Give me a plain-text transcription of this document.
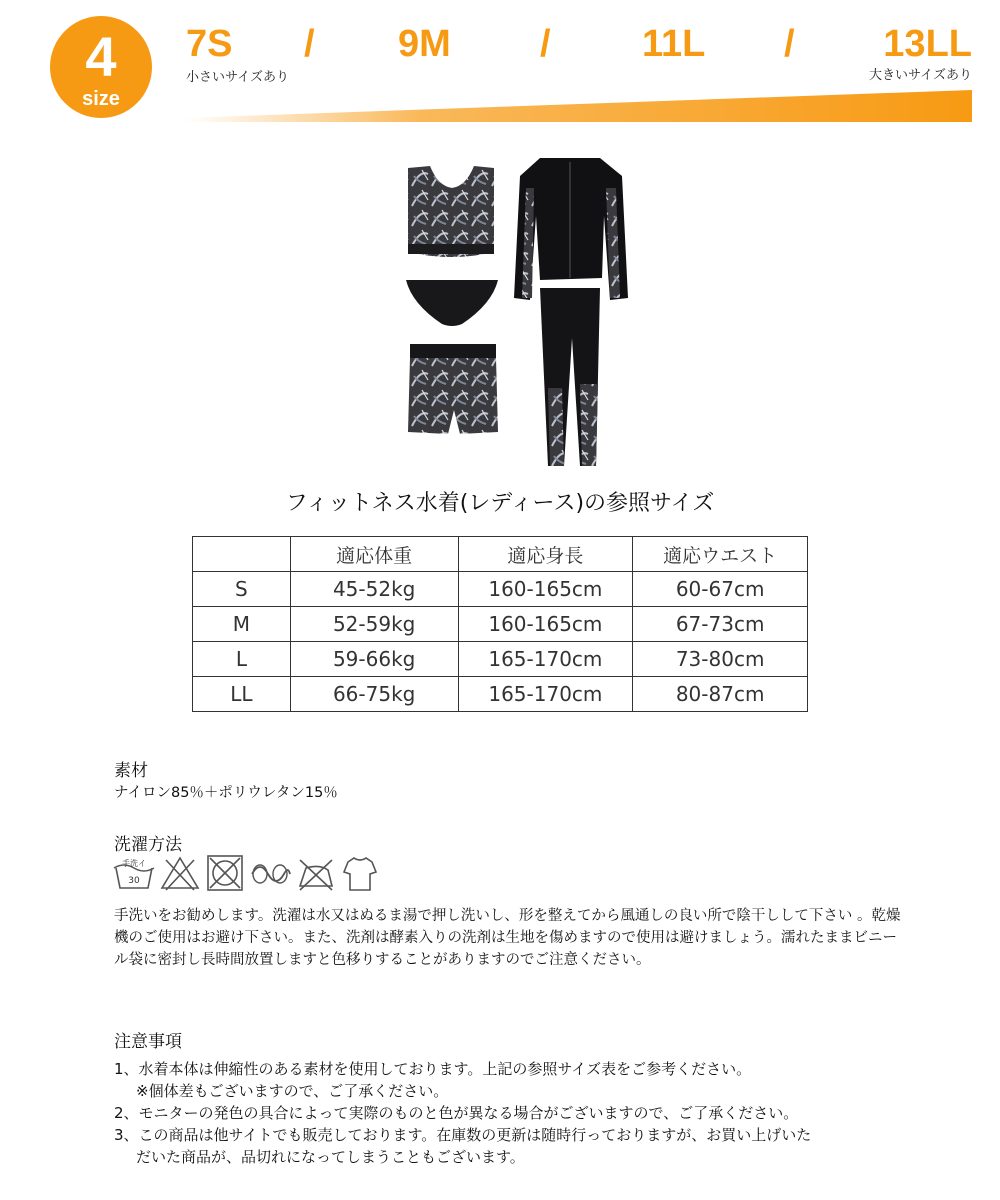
4
size
7S / 9M / 11L / 13LL
小さいサイズあり	大きいサイズあり
フィットネス水着(レディース)の参照サイズ
	適応体重	適応身長	適応ウエスト
S	45-52kg	160-165cm	60-67cm
M	52-59kg	160-165cm	67-73cm
L	59-66kg	165-170cm	73-80cm
LL	66-75kg	165-170cm	80-87cm
素材
ナイロン85％＋ポリウレタン15％
洗濯方法
手洗イ
30
手洗いをお勧めします。洗濯は水又はぬるま湯で押し洗いし、形を整えてから風通しの良い所で陰干しして下さい 。乾燥機のご使用はお避け下さい。また、洗剤は酵素入りの洗剤は生地を傷めますので使用は避けましょう。濡れたままビニール袋に密封し長時間放置しますと色移りすることがありますのでご注意ください。
注意事項
1、水着本体は伸縮性のある素材を使用しております。上記の参照サイズ表をご参考ください。
※個体差もございますので、ご了承ください。
2、モニターの発色の具合によって実際のものと色が異なる場合がございますので、ご了承ください。
3、この商品は他サイトでも販売しております。在庫数の更新は随時行っておりますが、お買い上げいた
だいた商品が、品切れになってしまうこともございます。
